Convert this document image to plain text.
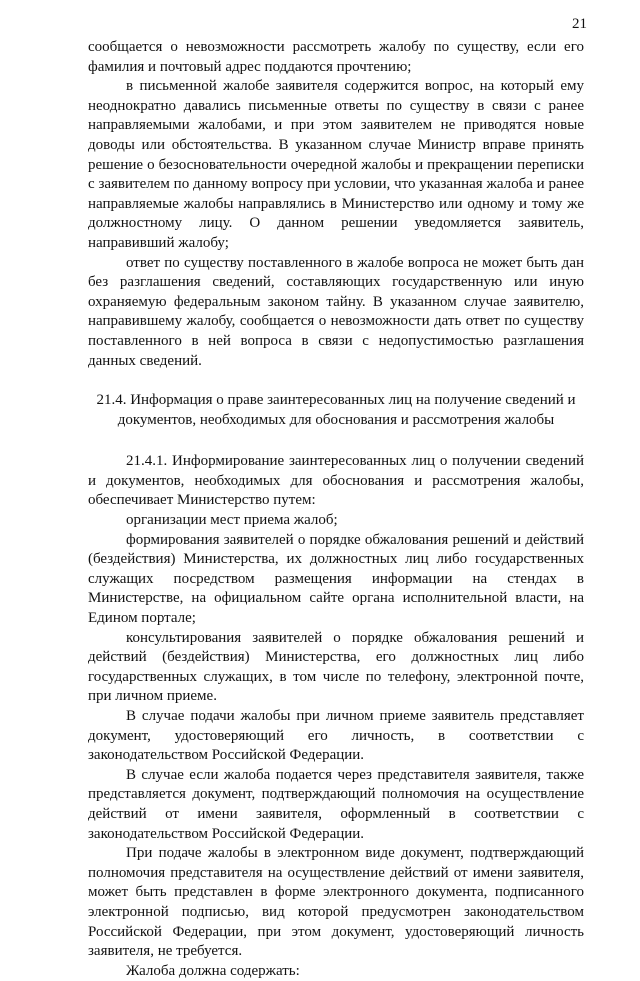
21

сообщается о невозможности рассмотреть жалобу по существу, если его фамилия и почтовый адрес поддаются прочтению;

в письменной жалобе заявителя содержится вопрос, на который ему неоднократно давались письменные ответы по существу в связи с ранее направляемыми жалобами, и при этом заявителем не приводятся новые доводы или обстоятельства. В указанном случае Министр вправе принять решение о безосновательности очередной жалобы и прекращении переписки с заявителем по данному вопросу при условии, что указанная жалоба и ранее направляемые жалобы направлялись в Министерство или одному и тому же должностному лицу. О данном решении уведомляется заявитель, направивший жалобу;

ответ по существу поставленного в жалобе вопроса не может быть дан без разглашения сведений, составляющих государственную или иную охраняемую федеральным законом тайну. В указанном случае заявителю, направившему жалобу, сообщается о невозможности дать ответ по существу поставленного в ней вопроса в связи с недопустимостью разглашения данных сведений.

21.4. Информация о праве заинтересованных лиц на получение сведений и документов, необходимых для обоснования и рассмотрения жалобы

21.4.1. Информирование заинтересованных лиц о получении сведений и документов, необходимых для обоснования и рассмотрения жалобы, обеспечивает Министерство путем:

организации мест приема жалоб;

формирования заявителей о порядке обжалования решений и действий (бездействия) Министерства, их должностных лиц либо государственных служащих посредством размещения информации на стендах в Министерстве, на официальном сайте органа исполнительной власти, на Едином портале;

консультирования заявителей о порядке обжалования решений и действий (бездействия) Министерства, его должностных лиц либо государственных служащих, в том числе по телефону, электронной почте, при личном приеме.

В случае подачи жалобы при личном приеме заявитель представляет документ, удостоверяющий его личность, в соответствии с законодательством Российской Федерации.

В случае если жалоба подается через представителя заявителя, также представляется документ, подтверждающий полномочия на осуществление действий от имени заявителя, оформленный в соответствии с законодательством Российской Федерации.

При подаче жалобы в электронном виде документ, подтверждающий полномочия представителя на осуществление действий от имени заявителя, может быть представлен в форме электронного документа, подписанного электронной подписью, вид которой предусмотрен законодательством Российской Федерации, при этом документ, удостоверяющий личность заявителя, не требуется.

Жалоба должна содержать:
